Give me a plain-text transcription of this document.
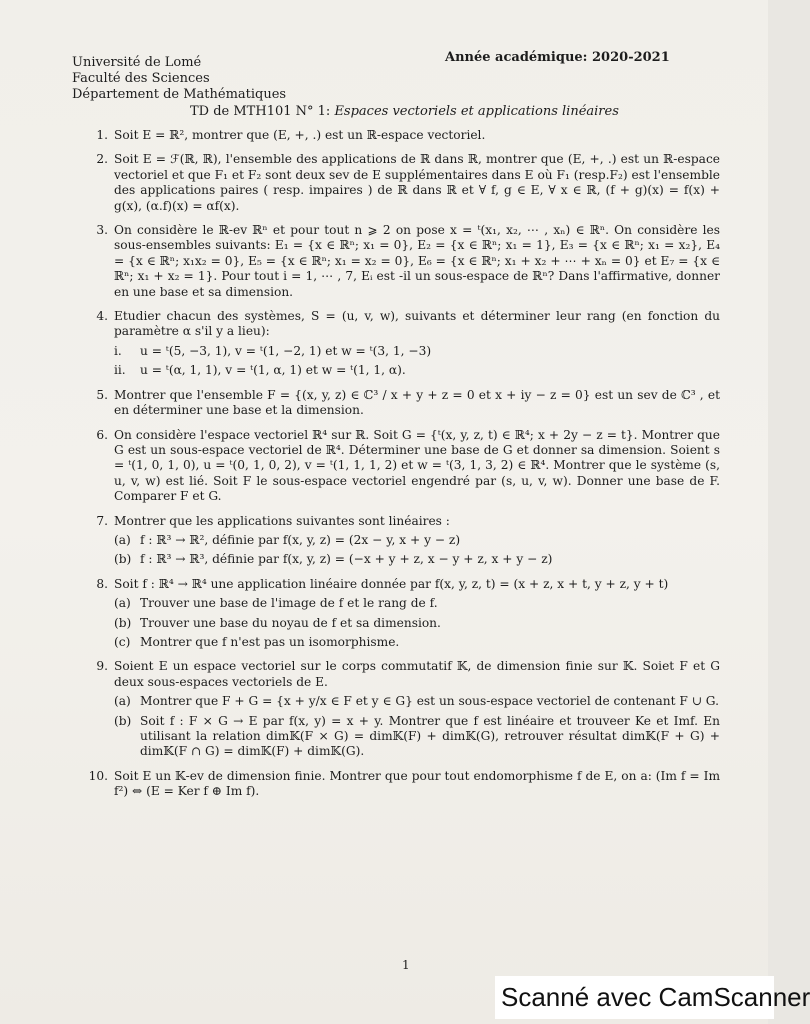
Université de Lomé
Faculté des Sciences
Département de Mathématiques
Année académique: 2020-2021
TD de MTH101 N° 1: Espaces vectoriels et applications linéaires
1. Soit E = ℝ², montrer que (E, +, .) est un ℝ-espace vectoriel.
2. Soit E = ℱ(ℝ, ℝ), l'ensemble des applications de ℝ dans ℝ, montrer que (E, +, .) est un ℝ-espace vectoriel et que F₁ et F₂ sont deux sev de E supplémentaires dans E où F₁ (resp.F₂) est l'ensemble des applications paires ( resp. impaires ) de ℝ dans ℝ et ∀ f, g ∈ E, ∀ x ∈ ℝ, (f + g)(x) = f(x) + g(x), (α.f)(x) = αf(x).
3. On considère le ℝ-ev ℝⁿ et pour tout n ⩾ 2 on pose x = ᵗ(x₁, x₂, ⋯ , xₙ) ∈ ℝⁿ. On considère les sous-ensembles suivants: E₁ = {x ∈ ℝⁿ; x₁ = 0}, E₂ = {x ∈ ℝⁿ; x₁ = 1}, E₃ = {x ∈ ℝⁿ; x₁ = x₂}, E₄ = {x ∈ ℝⁿ; x₁x₂ = 0}, E₅ = {x ∈ ℝⁿ; x₁ = x₂ = 0}, E₆ = {x ∈ ℝⁿ; x₁ + x₂ + ⋯ + xₙ = 0} et E₇ = {x ∈ ℝⁿ; x₁ + x₂ = 1}. Pour tout i = 1, ⋯ , 7, Eᵢ est -il un sous-espace de ℝⁿ? Dans l'affirmative, donner en une base et sa dimension.
4. Etudier chacun des systèmes, S = (u, v, w), suivants et déterminer leur rang (en fonction du paramètre α s'il y a lieu):
i.	u = ᵗ(5, −3, 1), v = ᵗ(1, −2, 1) et w = ᵗ(3, 1, −3)
ii.	u = ᵗ(α, 1, 1), v = ᵗ(1, α, 1) et w = ᵗ(1, 1, α).
5. Montrer que l'ensemble F = {(x, y, z) ∈ ℂ³ / x + y + z = 0 et x + iy − z = 0} est un sev de ℂ³ , et en déterminer une base et la dimension.
6. On considère l'espace vectoriel ℝ⁴ sur ℝ. Soit G = {ᵗ(x, y, z, t) ∈ ℝ⁴; x + 2y − z = t}. Montrer que G est un sous-espace vectoriel de ℝ⁴. Déterminer une base de G et donner sa dimension. Soient s = ᵗ(1, 0, 1, 0), u = ᵗ(0, 1, 0, 2), v = ᵗ(1, 1, 1, 2) et w = ᵗ(3, 1, 3, 2) ∈ ℝ⁴. Montrer que le système (s, u, v, w) est lié. Soit F le sous-espace vectoriel engendré par (s, u, v, w). Donner une base de F. Comparer F et G.
7. Montrer que les applications suivantes sont linéaires :
(a) f : ℝ³ → ℝ², définie par f(x, y, z) = (2x − y, x + y − z)
(b) f : ℝ³ → ℝ³, définie par f(x, y, z) = (−x + y + z, x − y + z, x + y − z)
8. Soit f : ℝ⁴ → ℝ⁴ une application linéaire donnée par f(x, y, z, t) = (x + z, x + t, y + z, y + t)
(a) Trouver une base de l'image de f et le rang de f.
(b) Trouver une base du noyau de f et sa dimension.
(c) Montrer que f n'est pas un isomorphisme.
9. Soient E un espace vectoriel sur le corps commutatif 𝕂, de dimension finie sur 𝕂. Soiet F et G deux sous-espaces vectoriels de E.
(a) Montrer que F + G = {x + y/x ∈ F et y ∈ G} est un sous-espace vectoriel de contenant F ∪ G.
(b) Soit f : F × G → E par f(x, y) = x + y. Montrer que f est linéaire et trouveer Ke et Imf. En utilisant la relation dim𝕂(F × G) = dim𝕂(F) + dim𝕂(G), retrouver résultat dim𝕂(F + G) + dim𝕂(F ∩ G) = dim𝕂(F) + dim𝕂(G).
10. Soit E un 𝕂-ev de dimension finie. Montrer que pour tout endomorphisme f de E, on a: (Im f = Im f²) ⇔ (E = Ker f ⊕ Im f).
1
Scanné avec CamScanner
